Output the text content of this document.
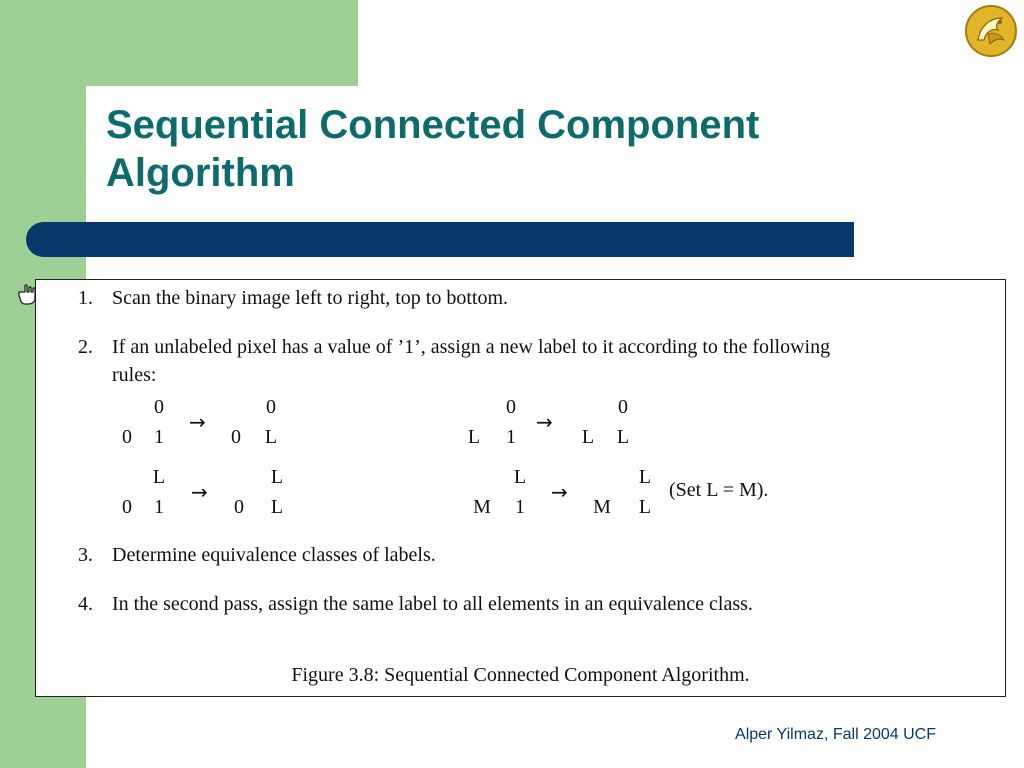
Sequential Connected Component
Algorithm
1. Scan the binary image left to right, top to bottom.
2. If an unlabeled pixel has a value of ’1’, assign a new label to it according to the following
rules:
0
0 1
→
0
0 L
0
L 1
→
0
L L
L
0 1
→
L
0 L
L
M 1
→
L
M L
(Set L = M).
3. Determine equivalence classes of labels.
4. In the second pass, assign the same label to all elements in an equivalence class.
Figure 3.8: Sequential Connected Component Algorithm.
Alper Yilmaz, Fall 2004 UCF
